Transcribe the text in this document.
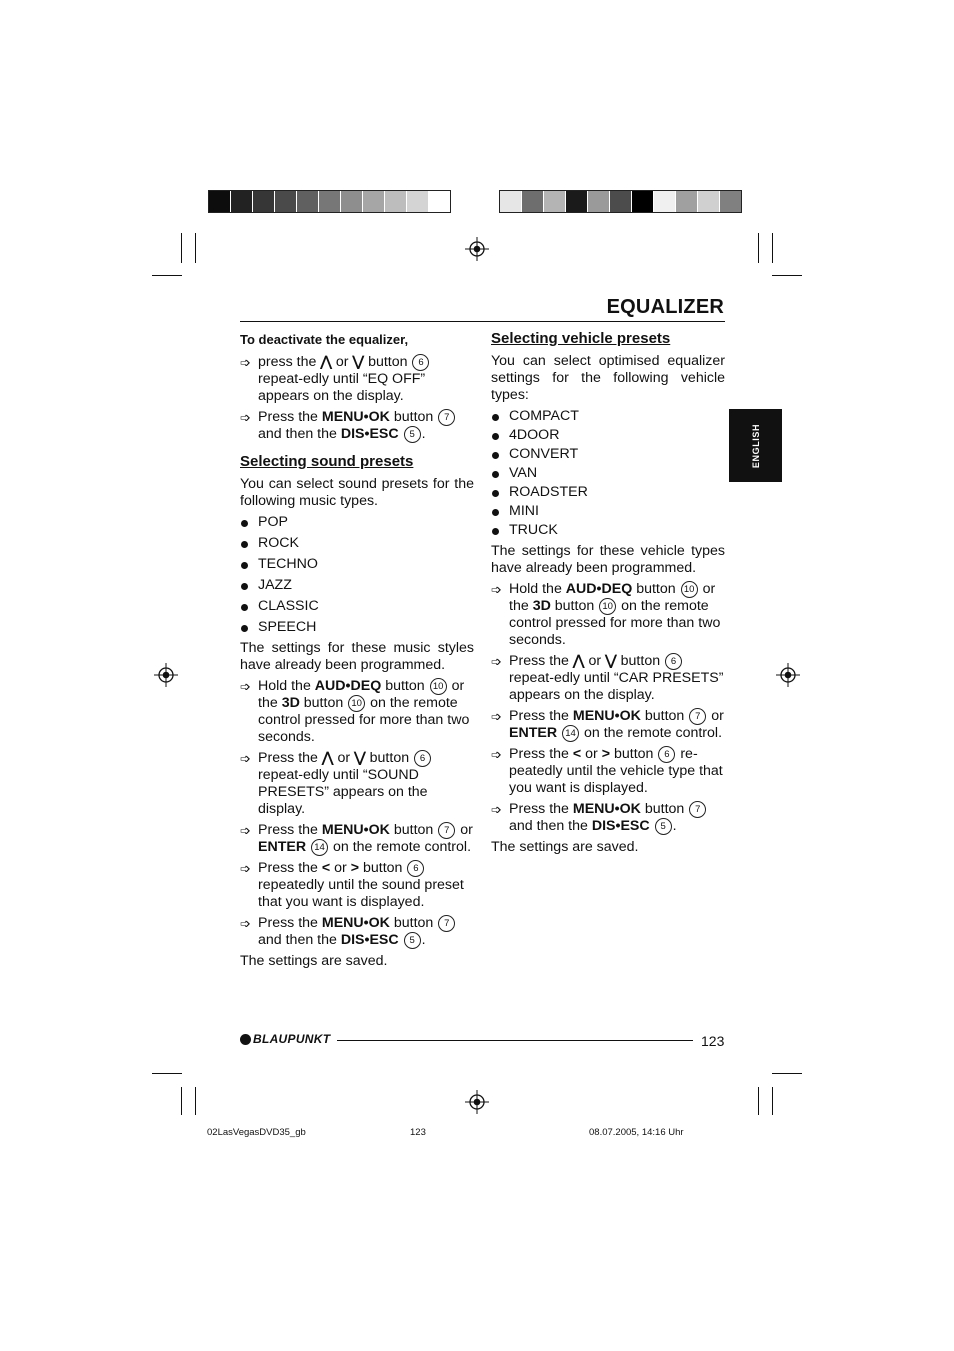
EQUALIZER
ENGLISH

To deactivate the equalizer,

➩ press the ⋀ or ⋁ button 6 repeat-edly until “EQ OFF” appears on the display.

➩ Press the MENU•OK button 7 and then the DIS•ESC 5 .

Selecting sound presets

You can select sound presets for the following music types.

POP
ROCK
TECHNO
JAZZ
CLASSIC
SPEECH

The settings for these music styles have already been programmed.

➩ Hold the AUD•DEQ button 10 or the 3D button 10 on the remote control pressed for more than two seconds.

➩ Press the ⋀ or ⋁ button 6 repeat-edly until “SOUND PRESETS” appears on the display.

➩ Press the MENU•OK button 7 or ENTER 14 on the remote control.

➩ Press the < or > button 6 repeatedly until the sound preset that you want is displayed.

➩ Press the MENU•OK button 7 and then the DIS•ESC 5 .

The settings are saved.

Selecting vehicle presets

You can select optimised equalizer settings for the following vehicle types:

COMPACT
4DOOR
CONVERT
VAN
ROADSTER
MINI
TRUCK

The settings for these vehicle types have already been programmed.

➩ Hold the AUD•DEQ button 10 or the 3D button 10 on the remote control pressed for more than two seconds.

➩ Press the ⋀ or ⋁ button 6 repeat-edly until “CAR PRESETS” appears on the display.

➩ Press the MENU•OK button 7 or ENTER 14 on the remote control.

➩ Press the < or > button 6 re-peatedly until the vehicle type that you want is displayed.

➩ Press the MENU•OK button 7 and then the DIS•ESC 5 .

The settings are saved.

BLAUPUNKT	123
02LasVegasDVD35_gb	123	08.07.2005, 14:16 Uhr
